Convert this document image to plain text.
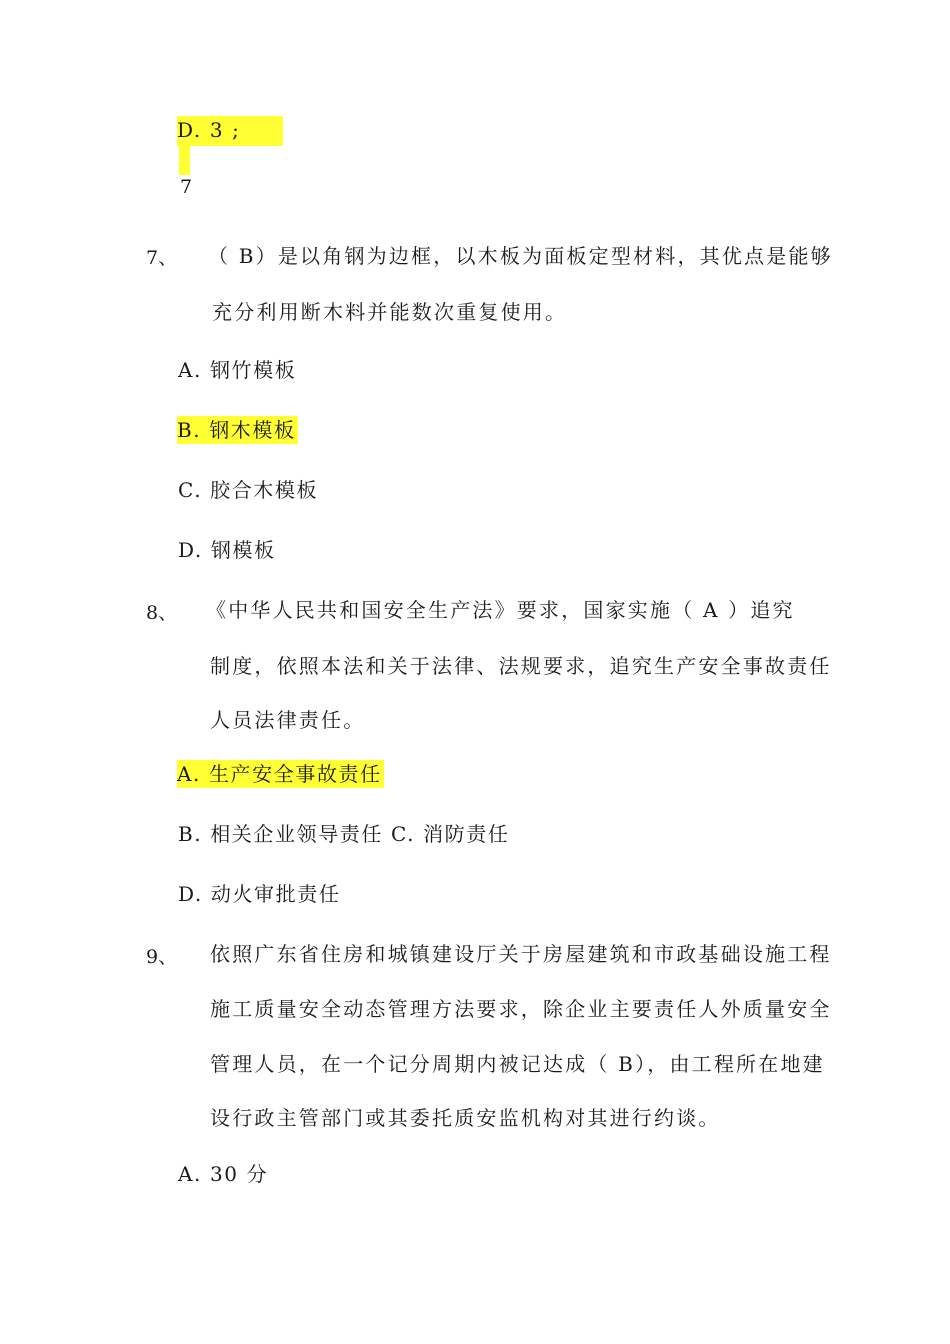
D. 3 ;
7
7、 （ B）是以角钢为边框，以木板为面板定型材料，其优点是能够
充分利用断木料并能数次重复使用。
A. 钢竹模板
B. 钢木模板
C. 胶合木模板
D. 钢模板
8、 《中华人民共和国安全生产法》要求，国家实施（ A ）追究
制度，依照本法和关于法律、法规要求，追究生产安全事故责任
人员法律责任。
A. 生产安全事故责任
B. 相关企业领导责任 C. 消防责任
D. 动火审批责任
9、 依照广东省住房和城镇建设厅关于房屋建筑和市政基础设施工程
施工质量安全动态管理方法要求，除企业主要责任人外质量安全
管理人员，在一个记分周期内被记达成（ B），由工程所在地建
设行政主管部门或其委托质安监机构对其进行约谈。
A. 30 分
